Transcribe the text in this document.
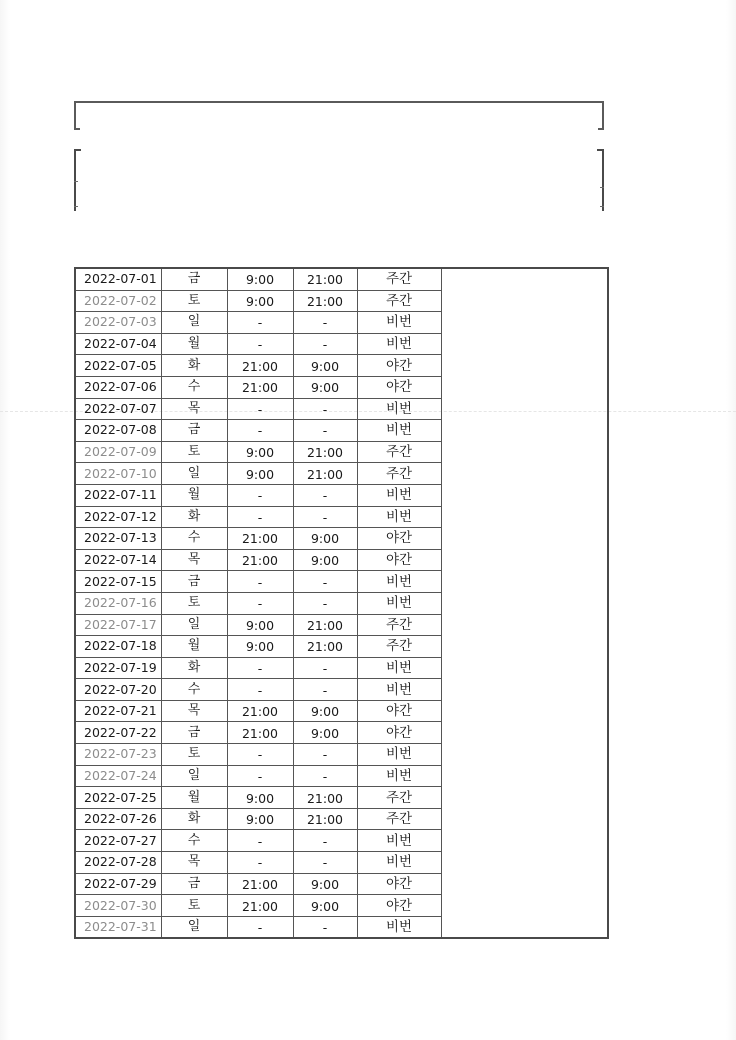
2022-07-01	금	9:00	21:00	주간	
2022-07-02	토	9:00	21:00	주간	
2022-07-03	일	-	-	비번	
2022-07-04	월	-	-	비번	
2022-07-05	화	21:00	9:00	야간	
2022-07-06	수	21:00	9:00	야간	
2022-07-07	목	-	-	비번	
2022-07-08	금	-	-	비번	
2022-07-09	토	9:00	21:00	주간	
2022-07-10	일	9:00	21:00	주간	
2022-07-11	월	-	-	비번	
2022-07-12	화	-	-	비번	
2022-07-13	수	21:00	9:00	야간	
2022-07-14	목	21:00	9:00	야간	
2022-07-15	금	-	-	비번	
2022-07-16	토	-	-	비번	
2022-07-17	일	9:00	21:00	주간	
2022-07-18	월	9:00	21:00	주간	
2022-07-19	화	-	-	비번	
2022-07-20	수	-	-	비번	
2022-07-21	목	21:00	9:00	야간	
2022-07-22	금	21:00	9:00	야간	
2022-07-23	토	-	-	비번	
2022-07-24	일	-	-	비번	
2022-07-25	월	9:00	21:00	주간	
2022-07-26	화	9:00	21:00	주간	
2022-07-27	수	-	-	비번	
2022-07-28	목	-	-	비번	
2022-07-29	금	21:00	9:00	야간	
2022-07-30	토	21:00	9:00	야간	
2022-07-31	일	-	-	비번	
